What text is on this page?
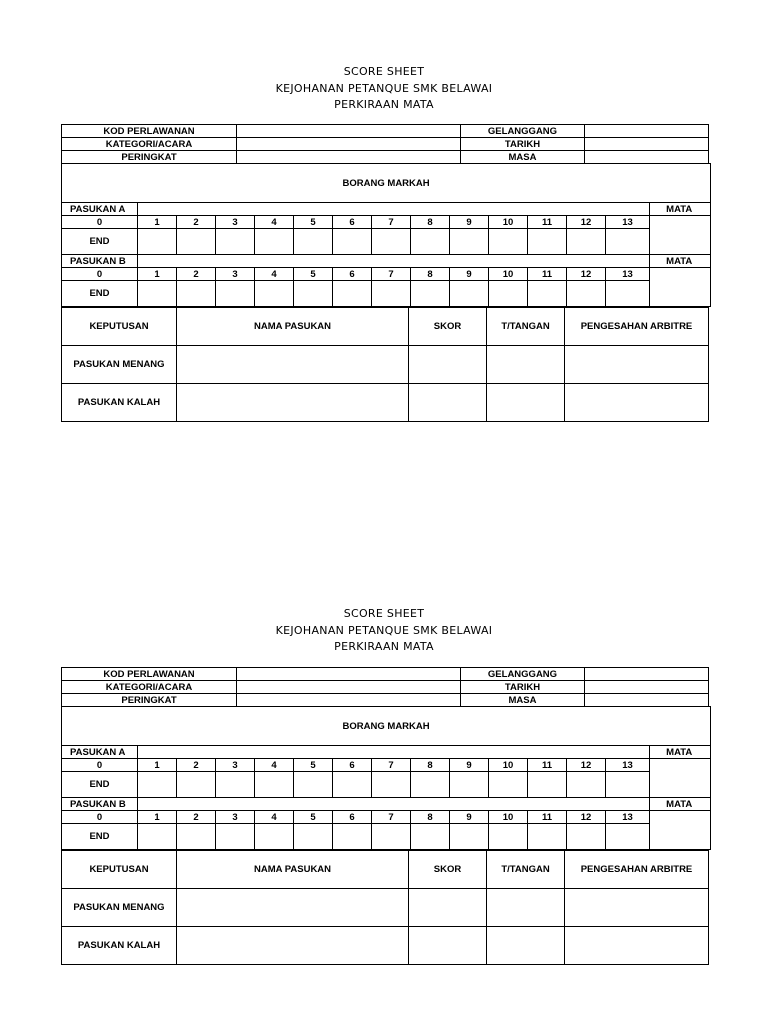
SCORE SHEET
KEJOHANAN PETANQUE SMK BELAWAI
PERKIRAAN MATA
KOD PERLAWANAN		GELANGGANG	
KATEGORI/ACARA		TARIKH	
PERINGKAT		MASA	
BORANG MARKAH														
PASUKAN A														MATA
0	1	2	3	4	5	6	7	8	9	10	11	12	13	
END														
PASUKAN B														MATA
0	1	2	3	4	5	6	7	8	9	10	11	12	13	
END														
KEPUTUSAN	NAMA PASUKAN	SKOR	T/TANGAN	PENGESAHAN ARBITRE
PASUKAN MENANG				
PASUKAN KALAH				
SCORE SHEET
KEJOHANAN PETANQUE SMK BELAWAI
PERKIRAAN MATA
KOD PERLAWANAN		GELANGGANG	
KATEGORI/ACARA		TARIKH	
PERINGKAT		MASA	
BORANG MARKAH														
PASUKAN A														MATA
0	1	2	3	4	5	6	7	8	9	10	11	12	13	
END														
PASUKAN B														MATA
0	1	2	3	4	5	6	7	8	9	10	11	12	13	
END														
KEPUTUSAN	NAMA PASUKAN	SKOR	T/TANGAN	PENGESAHAN ARBITRE
PASUKAN MENANG				
PASUKAN KALAH				
